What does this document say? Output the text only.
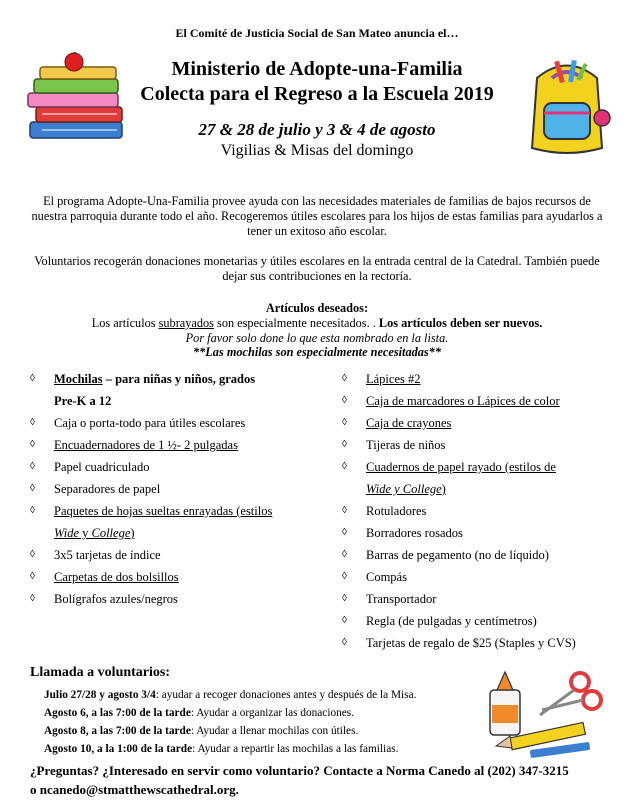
El Comité de Justicia Social de San Mateo anuncia el…
Ministerio de Adopte-una-Familia
Colecta para el Regreso a la Escuela 2019
27 & 28 de julio y 3 & 4 de agosto
Vigilias & Misas del domingo
El programa Adopte-Una-Familia provee ayuda con las necesidades materiales de familias de bajos recursos de nuestra parroquia durante todo el año. Recogeremos útiles escolares para los hijos de estas familias para ayudarlos a tener un exitoso año escolar.
Voluntarios recogerán donaciones monetarias y útiles escolares en la entrada central de la Catedral. También puede dejar sus contribuciones en la rectoría.
Artículos deseados:
Los artículos subrayados son especialmente necesitados. . Los artículos deben ser nuevos.
Por favor solo done lo que esta nombrado en la lista.
**Las mochilas son especialmente necesitadas**
◊ Mochilas – para niñas y niños, grados
Pre-K a 12
◊ Caja o porta-todo para útiles escolares
◊ Encuadernadores de 1 ½- 2 pulgadas
◊ Papel cuadriculado
◊ Separadores de papel
◊ Paquetes de hojas sueltas enrayadas (estilos
Wide y College)
◊ 3x5 tarjetas de índice
◊ Carpetas de dos bolsillos
◊ Bolígrafos azules/negros
◊ Lápices #2
◊ Caja de marcadores o Lápices de color
◊ Caja de crayones
◊ Tijeras de niños
◊ Cuadernos de papel rayado (estilos de
Wide y College)
◊ Rotuladores
◊ Borradores rosados
◊ Barras de pegamento (no de líquido)
◊ Compás
◊ Transportador
◊ Regla (de pulgadas y centímetros)
◊ Tarjetas de regalo de $25 (Staples y CVS)
Llamada a voluntarios:
Julio 27/28 y agosto 3/4: ayudar a recoger donaciones antes y después de la Misa.
Agosto 6, a las 7:00 de la tarde: Ayudar a organizar las donaciones.
Agosto 8, a las 7:00 de la tarde: Ayudar a llenar mochilas con útiles.
Agosto 10, a la 1:00 de la tarde: Ayudar a repartir las mochilas a las familias.
¿Preguntas? ¿Interesado en servir como voluntario? Contacte a Norma Canedo al (202) 347-3215
o ncanedo@stmatthewscathedral.org.
